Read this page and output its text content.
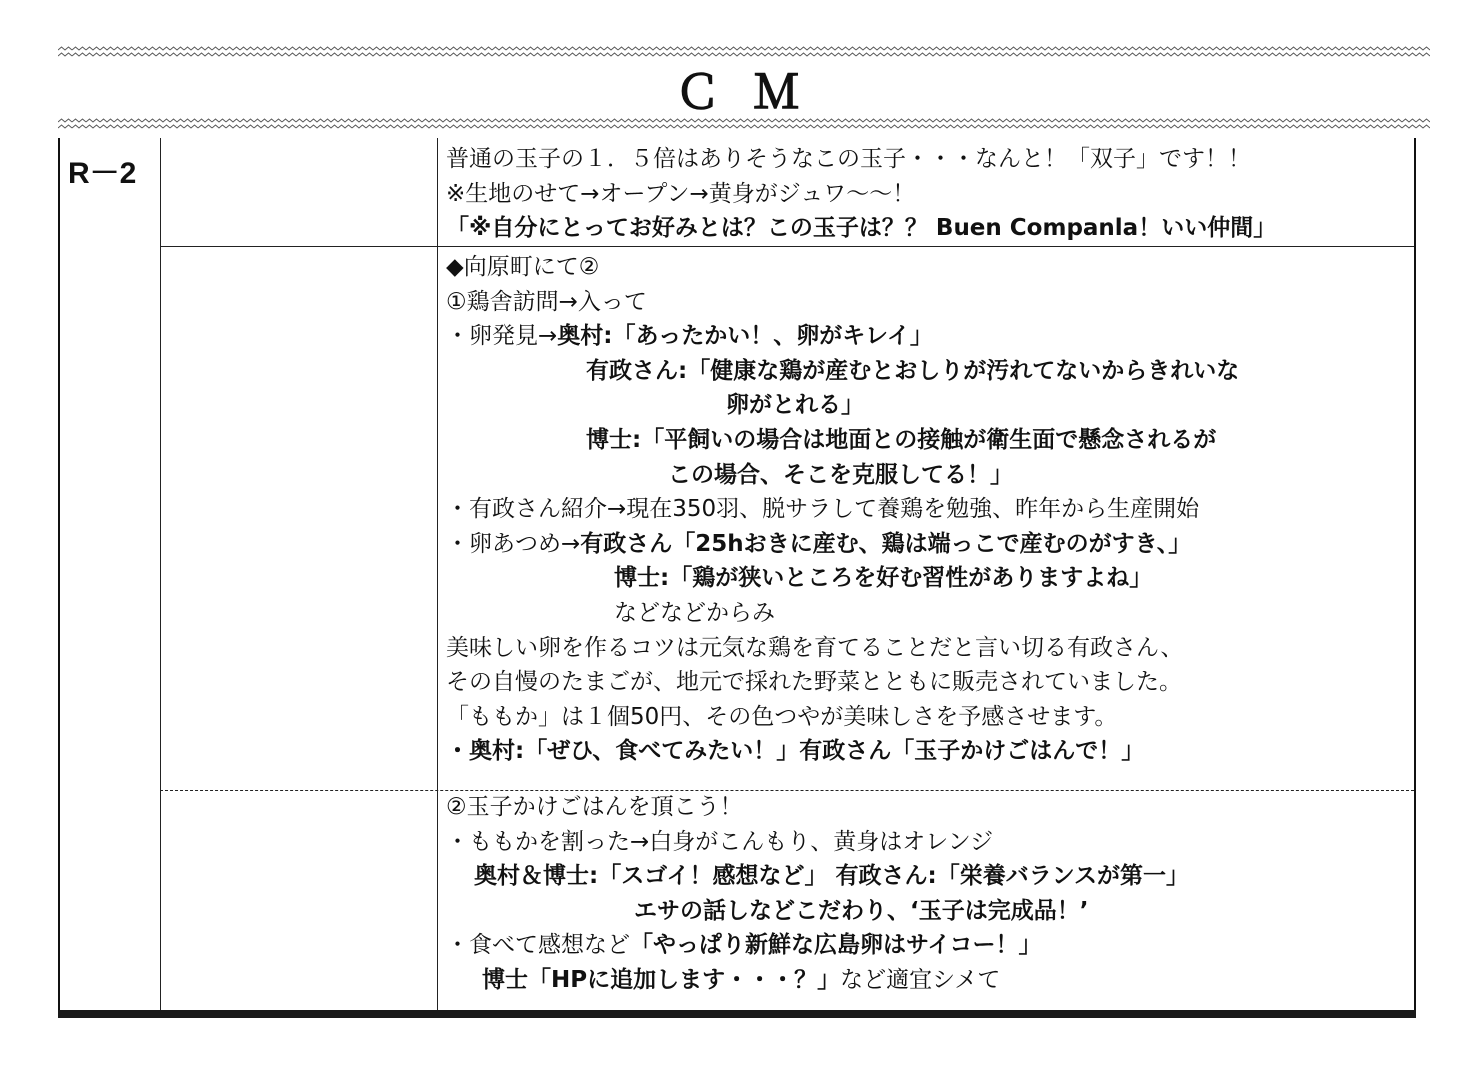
Ｃ Ｍ
R－2	普通の玉子の１．５倍はありそうなこの玉子・・・なんと！「双子」です！！
※生地のせて→オープン→黄身がジュワ～～！
「※自分にとってお好みとは？この玉子は？？ Buen Companla！いい仲間」
◆向原町にて②
①鶏舎訪問→入って
・卵発見→奥村:「あったかい！、卵がキレイ」
有政さん:「健康な鶏が産むとおしりが汚れてないからきれいな
卵がとれる」
博士:「平飼いの場合は地面との接触が衛生面で懸念されるが
この場合、そこを克服してる！」
・有政さん紹介→現在350羽、脱サラして養鶏を勉強、昨年から生産開始
・卵あつめ→有政さん「25hおきに産む、鶏は端っこで産むのがすき、」
博士:「鶏が狭いところを好む習性がありますよね」
などなどからみ
美味しい卵を作るコツは元気な鶏を育てることだと言い切る有政さん、
その自慢のたまごが、地元で採れた野菜とともに販売されていました。
「ももか」は１個50円、その色つやが美味しさを予感させます。
・奥村:「ぜひ、食べてみたい！」有政さん「玉子かけごはんで！」
②玉子かけごはんを頂こう！
・ももかを割った→白身がこんもり、黄身はオレンジ
奥村＆博士:「スゴイ！感想など」 有政さん:「栄養バランスが第一」
エサの話しなどこだわり、‘玉子は完成品！’
・食べて感想など「やっぱり新鮮な広島卵はサイコー！」
博士「HPに追加します・・・？」など適宜シメて
